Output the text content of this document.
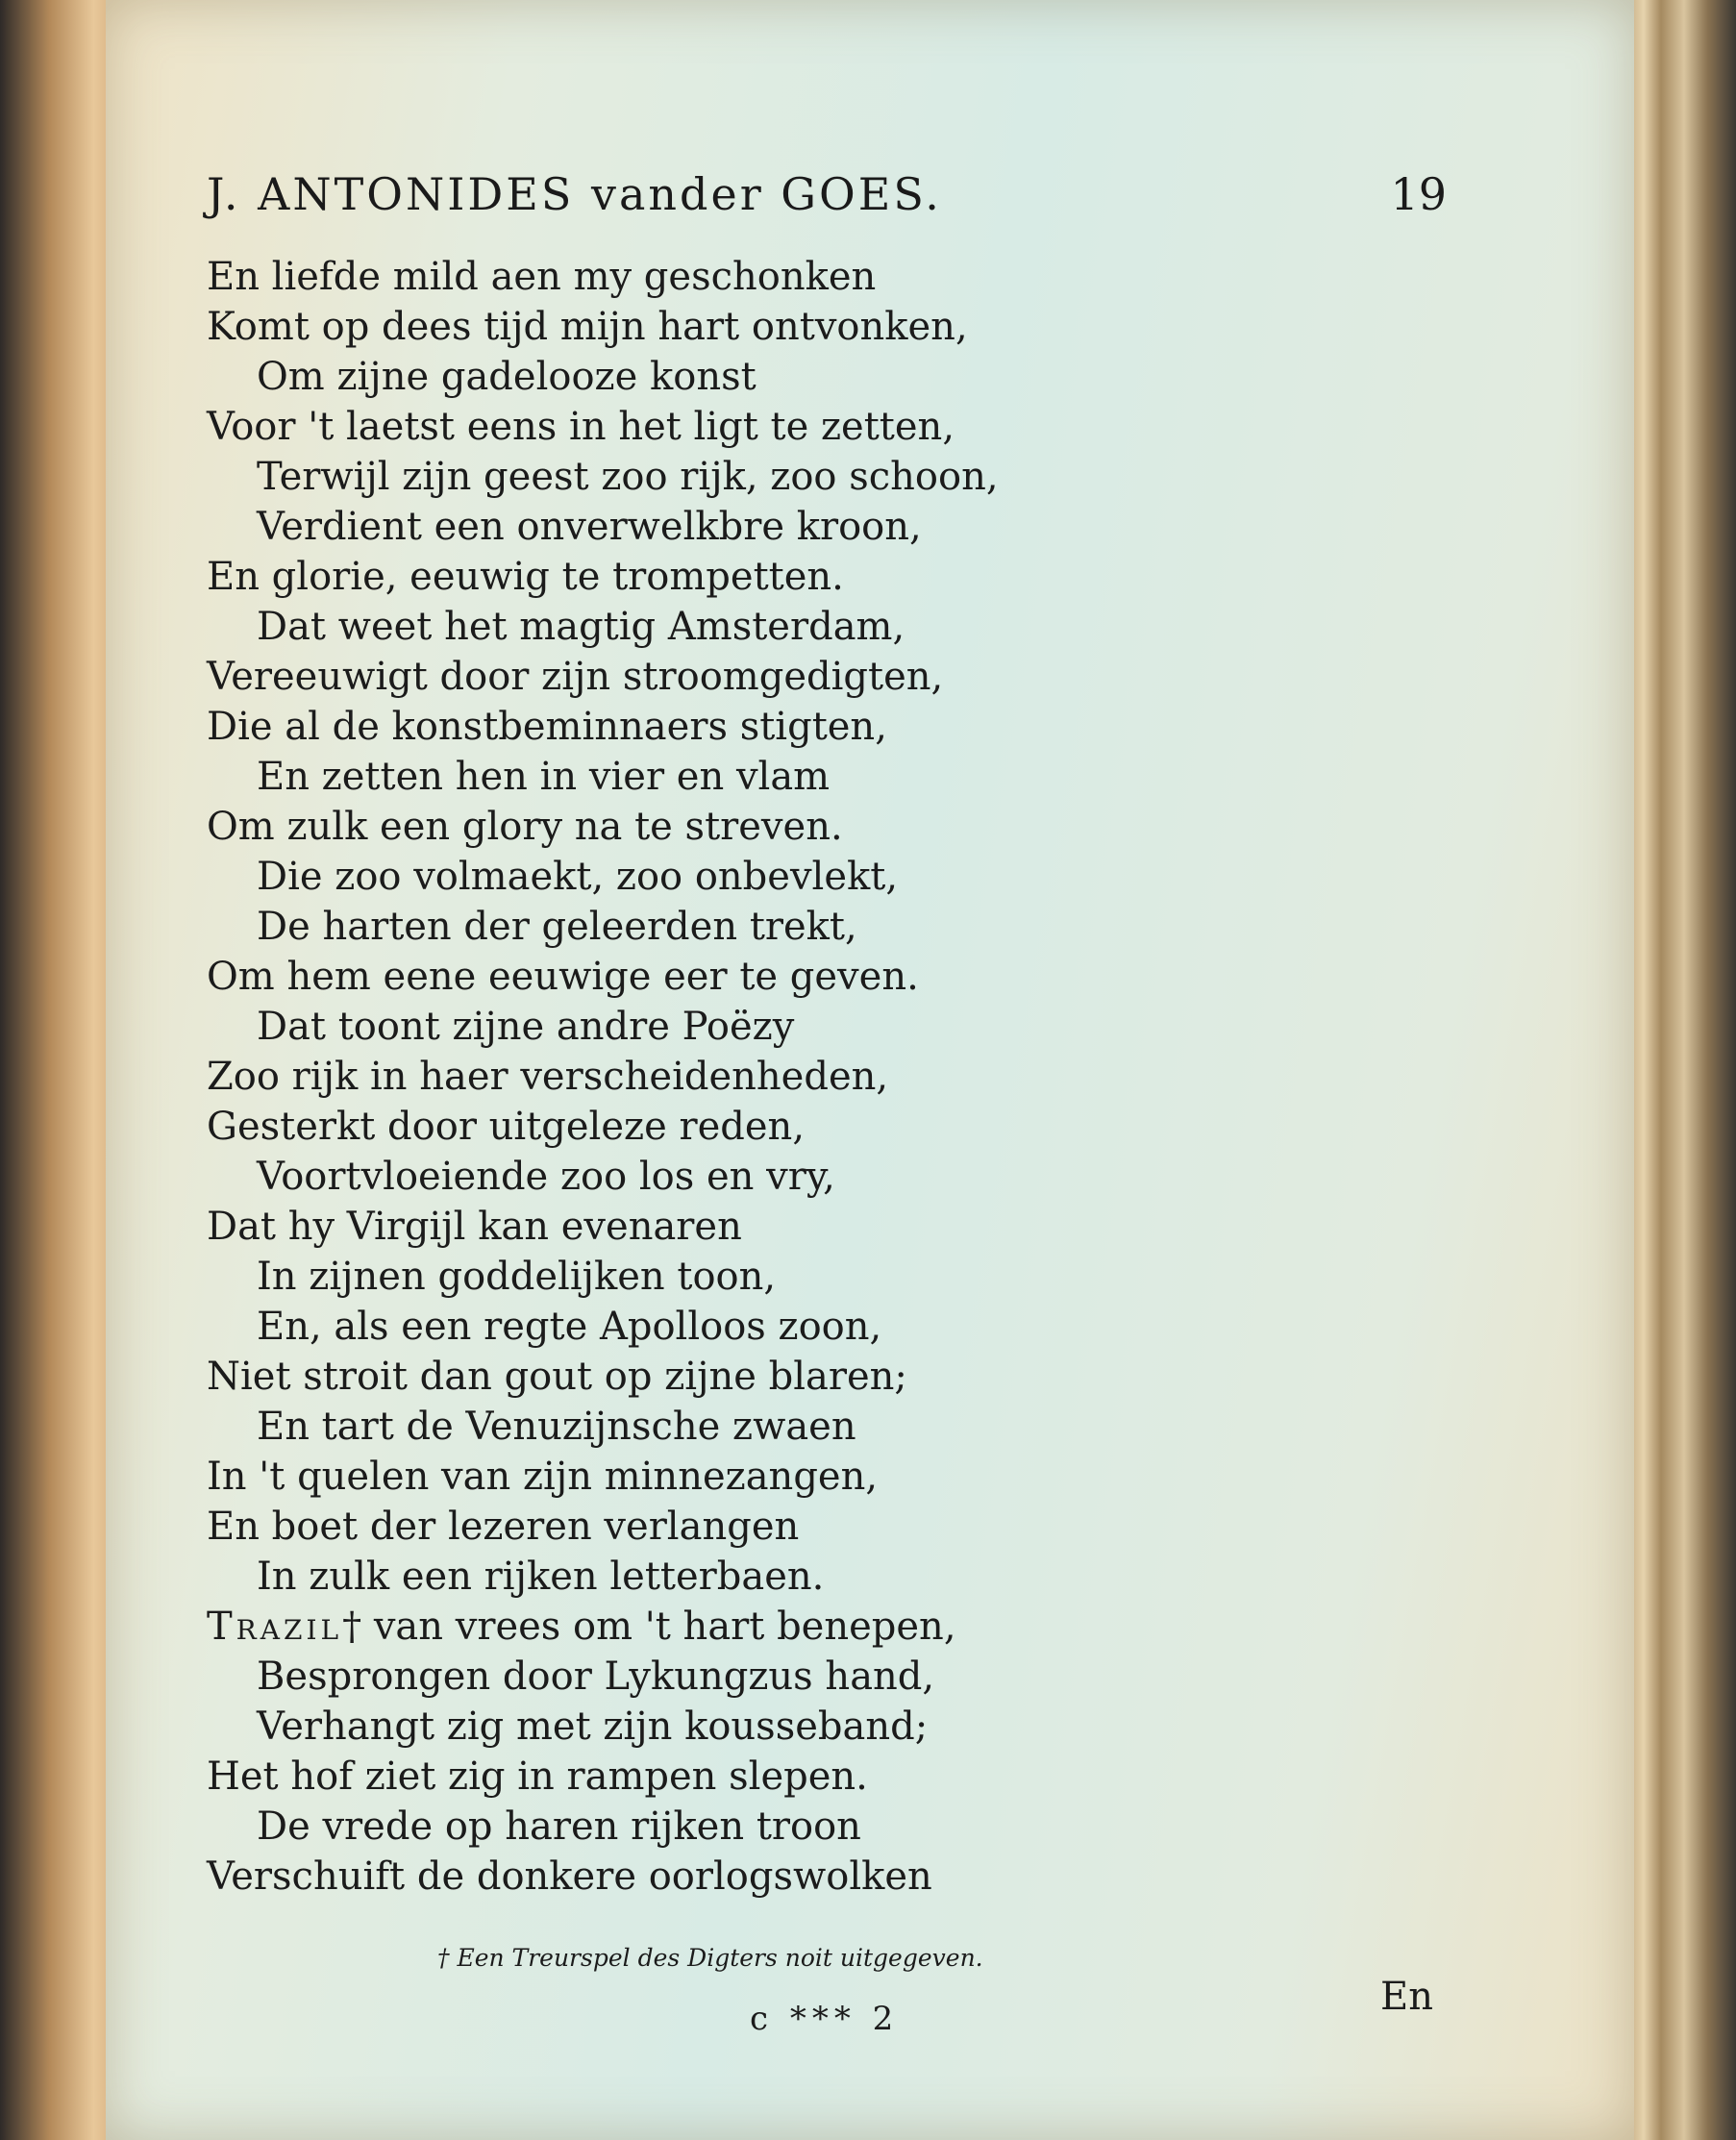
J. ANTONIDES vander GOES.	19
En liefde mild aen my geschonken
Komt op dees tijd mijn hart ontvonken,
Om zijne gadelooze konst
Voor 't laetst eens in het ligt te zetten,
Terwijl zijn geest zoo rijk, zoo schoon,
Verdient een onverwelkbre kroon,
En glorie, eeuwig te trompetten.
Dat weet het magtig Amsterdam,
Vereeuwigt door zijn stroomgedigten,
Die al de konstbeminnaers stigten,
En zetten hen in vier en vlam
Om zulk een glory na te streven.
Die zoo volmaekt, zoo onbevlekt,
De harten der geleerden trekt,
Om hem eene eeuwige eer te geven.
Dat toont zijne andre Poëzy
Zoo rijk in haer verscheidenheden,
Gesterkt door uitgeleze reden,
Voortvloeiende zoo los en vry,
Dat hy Virgijl kan evenaren
In zijnen goddelijken toon,
En, als een regte Apolloos zoon,
Niet stroit dan gout op zijne blaren;
En tart de Venuzijnsche zwaen
In 't quelen van zijn minnezangen,
En boet der lezeren verlangen
In zulk een rijken letterbaen.
Trazil† van vrees om 't hart benepen,
Besprongen door Lykungzus hand,
Verhangt zig met zijn kousseband;
Het hof ziet zig in rampen slepen.
De vrede op haren rijken troon
Verschuift de donkere oorlogswolken
† Een Treurspel des Digters noit uitgegeven.
c *** 2	En
